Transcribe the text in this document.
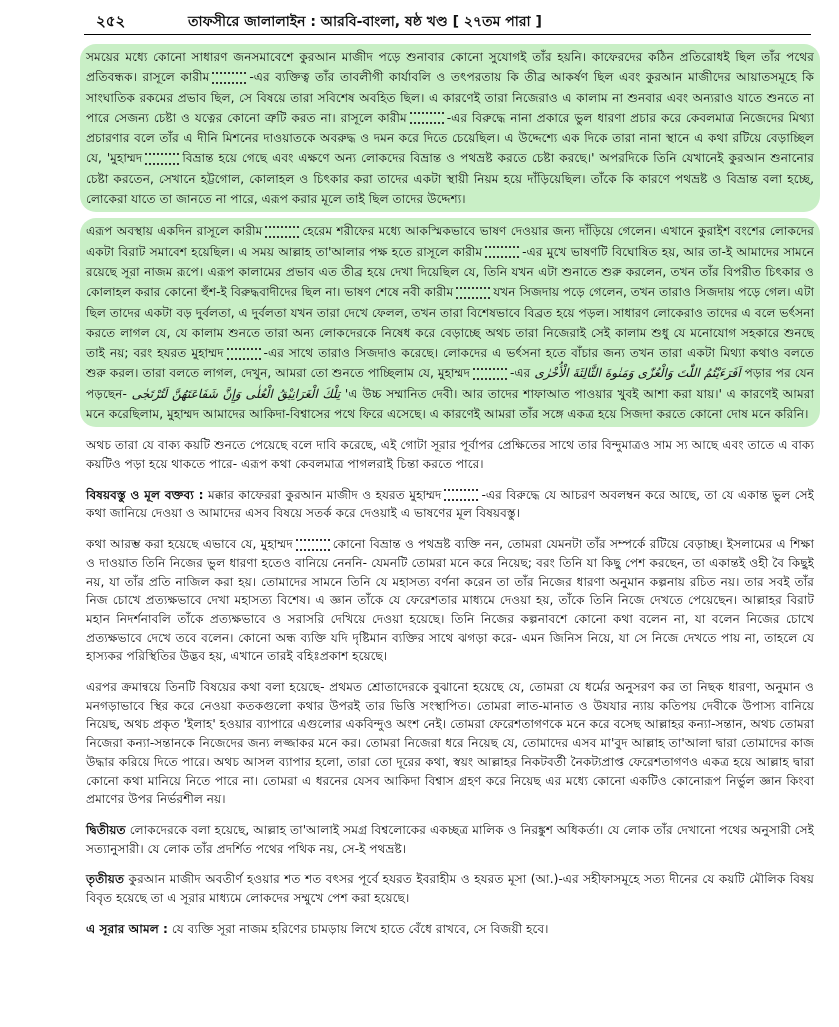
২৫২	তাফসীরে জালালাইন : আরবি-বাংলা, ষষ্ঠ খণ্ড [ ২৭তম পারা ]

সময়ের মধ্যে কোনো সাধারণ জনসমাবেশে কুরআন মাজীদ পড়ে শুনাবার কোনো সুযোগই তাঁর হয়নি। কাফেরদের কঠিন প্রতিরোধই ছিল তাঁর পথের প্রতিবন্ধক। রাসূলে কারীম	-এর ব্যক্তিত্ব তাঁর তাবলীগী কার্যাবলি ও তৎপরতায় কি তীব্র আকর্ষণ ছিল এবং কুরআন মাজীদের আয়াতসমূহে কি সাংঘাতিক রকমের প্রভাব ছিল, সে বিষয়ে তারা সবিশেষ অবহিত ছিল। এ কারণেই তারা নিজেরাও এ কালাম না শুনবার এবং অন্যরাও যাতে শুনতে না পারে সেজন্য চেষ্টা ও যত্নের কোনো ত্রুটি করত না। রাসূলে কারীম	-এর বিরুদ্ধে নানা প্রকারে ভুল ধারণা প্রচার করে কেবলমাত্র নিজেদের মিথ্যা প্রচারণার বলে তাঁর এ দীনি মিশনের দাওয়াতকে অবরুদ্ধ ও দমন করে দিতে চেয়েছিল। এ উদ্দেশ্যে এক দিকে তারা নানা স্থানে এ কথা রটিয়ে বেড়াচ্ছিল যে, 'মুহাম্মদ	বিভ্রান্ত হয়ে গেছে এবং এক্ষণে অন্য লোকদের বিভ্রান্ত ও পথভ্রষ্ট করতে চেষ্টা করছে।' অপরদিকে তিনি যেখানেই কুরআন শুনানোর চেষ্টা করতেন, সেখানে হট্টগোল, কোলাহল ও চিৎকার করা তাদের একটা স্থায়ী নিয়ম হয়ে দাঁড়িয়েছিল। তাঁকে কি কারণে পথভ্রষ্ট ও বিভ্রান্ত বলা হচ্ছে, লোকেরা যাতে তা জানতে না পারে, এরূপ করার মূলে তাই ছিল তাদের উদ্দেশ্য।

এরূপ অবস্থায় একদিন রাসূলে কারীম	হেরেম শরীফের মধ্যে আকস্মিকভাবে ভাষণ দেওয়ার জন্য দাঁড়িয়ে গেলেন। এখানে কুরাইশ বংশের লোকদের একটা বিরাট সমাবেশ হয়েছিল। এ সময় আল্লাহ তা'আলার পক্ষ হতে রাসূলে কারীম	-এর মুখে ভাষণটি বিঘোষিত হয়, আর তা-ই আমাদের সামনে রয়েছে সূরা নাজম রূপে। এরূপ কালামের প্রভাব এত তীব্র হয়ে দেখা দিয়েছিল যে, তিনি যখন এটা শুনাতে শুরু করলেন, তখন তাঁর বিপরীত চিৎকার ও কোলাহল করার কোনো হুঁশ-ই বিরুদ্ধবাদীদের ছিল না। ভাষণ শেষে নবী কারীম	যখন সিজদায় পড়ে গেলেন, তখন তারাও সিজদায় পড়ে গেল। এটা ছিল তাদের একটা বড় দুর্বলতা, এ দুর্বলতা যখন তারা দেখে ফেলল, তখন তারা বিশেষভাবে বিব্রত হয়ে পড়ল। সাধারণ লোকেরাও তাদের এ বলে ভর্ৎসনা করতে লাগল যে, যে কালাম শুনতে তারা অন্য লোকদেরকে নিষেধ করে বেড়াচ্ছে অথচ তারা নিজেরাই সেই কালাম শুধু যে মনোযোগ সহকারে শুনছে তাই নয়; বরং হযরত মুহাম্মদ	-এর সাথে তারাও সিজদাও করেছে। লোকদের এ ভর্ৎসনা হতে বাঁচার জন্য তখন তারা একটা মিথ্যা কথাও বলতে শুরু করল। তারা বলতে লাগল, দেখুন, আমরা তো শুনতে পাচ্ছিলাম যে, মুহাম্মদ	-এর اَفَرَءَيْتُمُ اللّٰتَ وَالْعُزّٰى وَمَنٰوةَ الثَّالِثَةَ الْأُخْرٰى পড়ার পর যেন পড়ছেন- تِلْكَ الْغَرَانِيْقُ الْعُلٰى وَإِنَّ شَفَاعَتَهُنَّ لَتُرْتَجٰى 'এ উচ্চ সম্মানিত দেবী। আর তাদের শাফাআত পাওয়ার খুবই আশা করা যায়।' এ কারণেই আমরা মনে করেছিলাম, মুহাম্মদ আমাদের আকিদা-বিশ্বাসের পথে ফিরে এসেছে। এ কারণেই আমরা তাঁর সঙ্গে একত্র হয়ে সিজদা করতে কোনো দোষ মনে করিনি।

অথচ তারা যে বাক্য কয়টি শুনতে পেয়েছে বলে দাবি করেছে, এই গোটা সূরার পূর্বাপর প্রেক্ষিতের সাথে তার বিন্দুমাত্রও সাম স্য আছে এবং তাতে এ বাক্য কয়টিও পড়া হয়ে থাকতে পারে- এরূপ কথা কেবলমাত্র পাগলরাই চিন্তা করতে পারে।

বিষয়বস্তু ও মূল বক্তব্য : মক্কার কাফেররা কুরআন মাজীদ ও হযরত মুহাম্মদ	-এর বিরুদ্ধে যে আচরণ অবলম্বন করে আছে, তা যে একান্ত ভুল সেই কথা জানিয়ে দেওয়া ও আমাদের এসব বিষয়ে সতর্ক করে দেওয়াই এ ভাষণের মূল বিষয়বস্তু।

কথা আরম্ভ করা হয়েছে এভাবে যে, মুহাম্মদ	কোনো বিভ্রান্ত ও পথভ্রষ্ট ব্যক্তি নন, তোমরা যেমনটা তাঁর সম্পর্কে রটিয়ে বেড়াচ্ছ। ইসলামের এ শিক্ষা ও দাওয়াত তিনি নিজের ভুল ধারণা হতেও বানিয়ে নেননি- যেমনটি তোমরা মনে করে নিয়েছ; বরং তিনি যা কিছু পেশ করছেন, তা একান্তই ওহী বৈ কিছুই নয়, যা তাঁর প্রতি নাজিল করা হয়। তোমাদের সামনে তিনি যে মহাসত্য বর্ণনা করেন তা তাঁর নিজের ধারণা অনুমান কল্পনায় রচিত নয়। তার সবই তাঁর নিজ চোখে প্রত্যক্ষভাবে দেখা মহাসত্য বিশেষ। এ জ্ঞান তাঁকে যে ফেরেশতার মাধ্যমে দেওয়া হয়, তাঁকে তিনি নিজে দেখতে পেয়েছেন। আল্লাহর বিরাট মহান নিদর্শনাবলি তাঁকে প্রত্যক্ষভাবে ও সরাসরি দেখিয়ে দেওয়া হয়েছে। তিনি নিজের কল্পনাবশে কোনো কথা বলেন না, যা বলেন নিজের চোখে প্রত্যক্ষভাবে দেখে তবে বলেন। কোনো অন্ধ ব্যক্তি যদি দৃষ্টিমান ব্যক্তির সাথে ঝগড়া করে- এমন জিনিস নিয়ে, যা সে নিজে দেখতে পায় না, তাহলে যে হাস্যকর পরিস্থিতির উদ্ভব হয়, এখানে তারই বহিঃপ্রকাশ হয়েছে।

এরপর ক্রমান্বয়ে তিনটি বিষয়ের কথা বলা হয়েছে- প্রথমত শ্রোতাদেরকে বুঝানো হয়েছে যে, তোমরা যে ধর্মের অনুসরণ কর তা নিছক ধারণা, অনুমান ও মনগড়াভাবে স্থির করে নেওয়া কতকগুলো কথার উপরই তার ভিত্তি সংস্থাপিত। তোমরা লাত-মানাত ও উযযার ন্যায় কতিপয় দেবীকে উপাস্য বানিয়ে নিয়েছ, অথচ প্রকৃত 'ইলাহ' হওয়ার ব্যাপারে এগুলোর একবিন্দুও অংশ নেই। তোমরা ফেরেশতাগণকে মনে করে বসেছ আল্লাহর কন্যা-সন্তান, অথচ তোমরা নিজেরা কন্যা-সন্তানকে নিজেদের জন্য লজ্জাকর মনে কর। তোমরা নিজেরা ধরে নিয়েছ যে, তোমাদের এসব মা'বুদ আল্লাহ তা'আলা দ্বারা তোমাদের কাজ উদ্ধার করিয়ে দিতে পারে। অথচ আসল ব্যাপার হলো, তারা তো দূরের কথা, স্বয়ং আল্লাহর নিকটবর্তী নৈকট্যপ্রাপ্ত ফেরেশতাগণও একত্র হয়ে আল্লাহ দ্বারা কোনো কথা মানিয়ে নিতে পারে না। তোমরা এ ধরনের যেসব আকিদা বিশ্বাস গ্রহণ করে নিয়েছ এর মধ্যে কোনো একটিও কোনোরূপ নির্ভুল জ্ঞান কিংবা প্রমাণের উপর নির্ভরশীল নয়।

দ্বিতীয়ত লোকদেরকে বলা হয়েছে, আল্লাহ তা'আলাই সমগ্র বিশ্বলোকের একচ্ছত্র মালিক ও নিরঙ্কুশ অধিকর্তা। যে লোক তাঁর দেখানো পথের অনুসারী সেই সত্যানুসারী। যে লোক তাঁর প্রদর্শিত পথের পথিক নয়, সে-ই পথভ্রষ্ট।

তৃতীয়ত কুরআন মাজীদ অবতীর্ণ হওয়ার শত শত বৎসর পূর্বে হযরত ইবরাহীম ও হযরত মূসা (আ.)-এর সহীফাসমূহে সত্য দীনের যে কয়টি মৌলিক বিষয় বিবৃত হয়েছে তা এ সূরার মাধ্যমে লোকদের সম্মুখে পেশ করা হয়েছে।

এ সূরার আমল : যে ব্যক্তি সূরা নাজম হরিণের চামড়ায় লিখে হাতে বেঁধে রাখবে, সে বিজয়ী হবে।
